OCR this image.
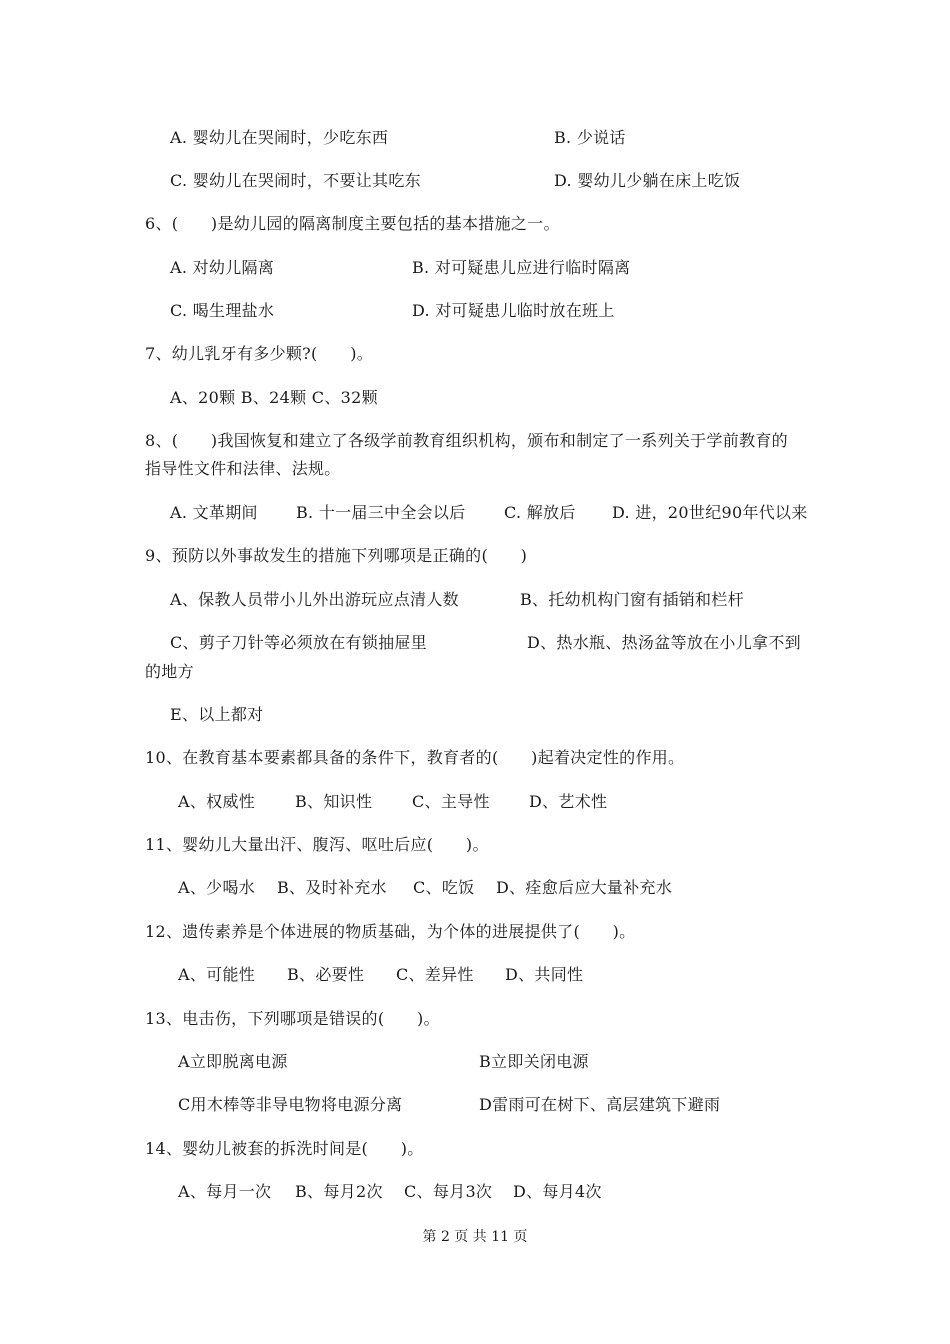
A. 婴幼儿在哭闹时，少吃东西	B. 少说话
C. 婴幼儿在哭闹时，不要让其吃东	D. 婴幼儿少躺在床上吃饭
6、(　　)是幼儿园的隔离制度主要包括的基本措施之一。
A. 对幼儿隔离	B. 对可疑患儿应进行临时隔离
C. 喝生理盐水	D. 对可疑患儿临时放在班上
7、幼儿乳牙有多少颗?(　　)。
A、20颗 B、24颗 C、32颗
8、(　　)我国恢复和建立了各级学前教育组织机构，颁布和制定了一系列关于学前教育的
指导性文件和法律、法规。
A. 文革期间 B. 十一届三中全会以后 C. 解放后 D. 进，20世纪90年代以来
9、预防以外事故发生的措施下列哪项是正确的(　　)
A、保教人员带小儿外出游玩应点清人数	B、托幼机构门窗有插销和栏杆
C、剪子刀针等必须放在有锁抽屉里	D、热水瓶、热汤盆等放在小儿拿不到
的地方
E、以上都对
10、在教育基本要素都具备的条件下，教育者的(　　)起着决定性的作用。
A、权威性 B、知识性 C、主导性 D、艺术性
11、婴幼儿大量出汗、腹泻、呕吐后应(　　)。
A、少喝水 B、及时补充水 C、吃饭 D、痊愈后应大量补充水
12、遗传素养是个体进展的物质基础，为个体的进展提供了(　　)。
A、可能性 B、必要性 C、差异性 D、共同性
13、电击伤，下列哪项是错误的(　　)。
A立即脱离电源	B立即关闭电源
C用木棒等非导电物将电源分离	D雷雨可在树下、高层建筑下避雨
14、婴幼儿被套的拆洗时间是(　　)。
A、每月一次 B、每月2次 C、每月3次 D、每月4次
第 2 页 共 11 页
